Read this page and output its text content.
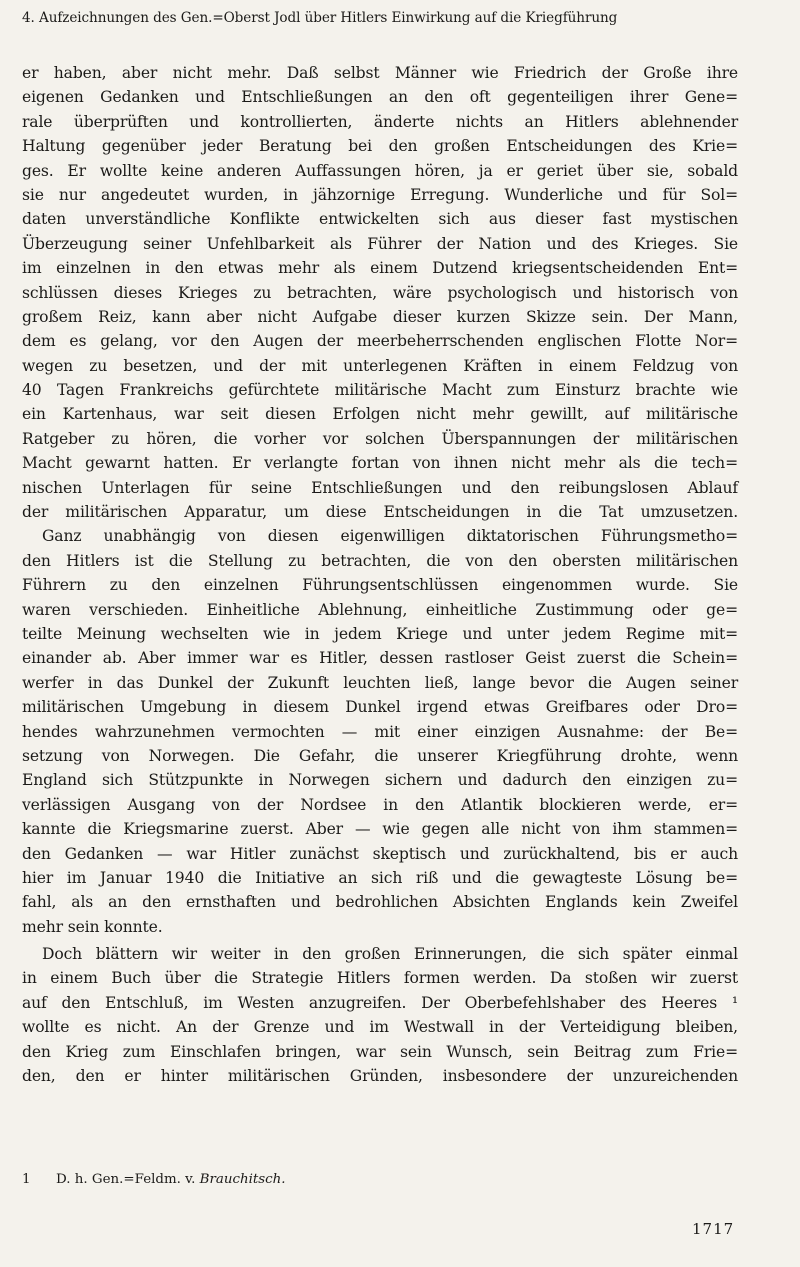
4. Aufzeichnungen des Gen.=Oberst Jodl über Hitlers Einwirkung auf die Kriegführung
er haben, aber nicht mehr. Daß selbst Männer wie Friedrich der Große ihre
eigenen Gedanken und Entschließungen an den oft gegenteiligen ihrer Gene=
rale überprüften und kontrollierten, änderte nichts an Hitlers ablehnender
Haltung gegenüber jeder Beratung bei den großen Entscheidungen des Krie=
ges. Er wollte keine anderen Auffassungen hören, ja er geriet über sie, sobald
sie nur angedeutet wurden, in jähzornige Erregung. Wunderliche und für Sol=
daten unverständliche Konflikte entwickelten sich aus dieser fast mystischen
Überzeugung seiner Unfehlbarkeit als Führer der Nation und des Krieges. Sie
im einzelnen in den etwas mehr als einem Dutzend kriegsentscheidenden Ent=
schlüssen dieses Krieges zu betrachten, wäre psychologisch und historisch von
großem Reiz, kann aber nicht Aufgabe dieser kurzen Skizze sein. Der Mann,
dem es gelang, vor den Augen der meerbeherrschenden englischen Flotte Nor=
wegen zu besetzen, und der mit unterlegenen Kräften in einem Feldzug von
40 Tagen Frankreichs gefürchtete militärische Macht zum Einsturz brachte wie
ein Kartenhaus, war seit diesen Erfolgen nicht mehr gewillt, auf militärische
Ratgeber zu hören, die vorher vor solchen Überspannungen der militärischen
Macht gewarnt hatten. Er verlangte fortan von ihnen nicht mehr als die tech=
nischen Unterlagen für seine Entschließungen und den reibungslosen Ablauf
der militärischen Apparatur, um diese Entscheidungen in die Tat umzusetzen.
Ganz unabhängig von diesen eigenwilligen diktatorischen Führungsmetho=
den Hitlers ist die Stellung zu betrachten, die von den obersten militärischen
Führern zu den einzelnen Führungsentschlüssen eingenommen wurde. Sie
waren verschieden. Einheitliche Ablehnung, einheitliche Zustimmung oder ge=
teilte Meinung wechselten wie in jedem Kriege und unter jedem Regime mit=
einander ab. Aber immer war es Hitler, dessen rastloser Geist zuerst die Schein=
werfer in das Dunkel der Zukunft leuchten ließ, lange bevor die Augen seiner
militärischen Umgebung in diesem Dunkel irgend etwas Greifbares oder Dro=
hendes wahrzunehmen vermochten — mit einer einzigen Ausnahme: der Be=
setzung von Norwegen. Die Gefahr, die unserer Kriegführung drohte, wenn
England sich Stützpunkte in Norwegen sichern und dadurch den einzigen zu=
verlässigen Ausgang von der Nordsee in den Atlantik blockieren werde, er=
kannte die Kriegsmarine zuerst. Aber — wie gegen alle nicht von ihm stammen=
den Gedanken — war Hitler zunächst skeptisch und zurückhaltend, bis er auch
hier im Januar 1940 die Initiative an sich riß und die gewagteste Lösung be=
fahl, als an den ernsthaften und bedrohlichen Absichten Englands kein Zweifel
mehr sein konnte.
Doch blättern wir weiter in den großen Erinnerungen, die sich später einmal
in einem Buch über die Strategie Hitlers formen werden. Da stoßen wir zuerst
auf den Entschluß, im Westen anzugreifen. Der Oberbefehlshaber des Heeres ¹
wollte es nicht. An der Grenze und im Westwall in der Verteidigung bleiben,
den Krieg zum Einschlafen bringen, war sein Wunsch, sein Beitrag zum Frie=
den, den er hinter militärischen Gründen, insbesondere der unzureichenden
1 D. h. Gen.=Feldm. v. Brauchitsch.
1717
